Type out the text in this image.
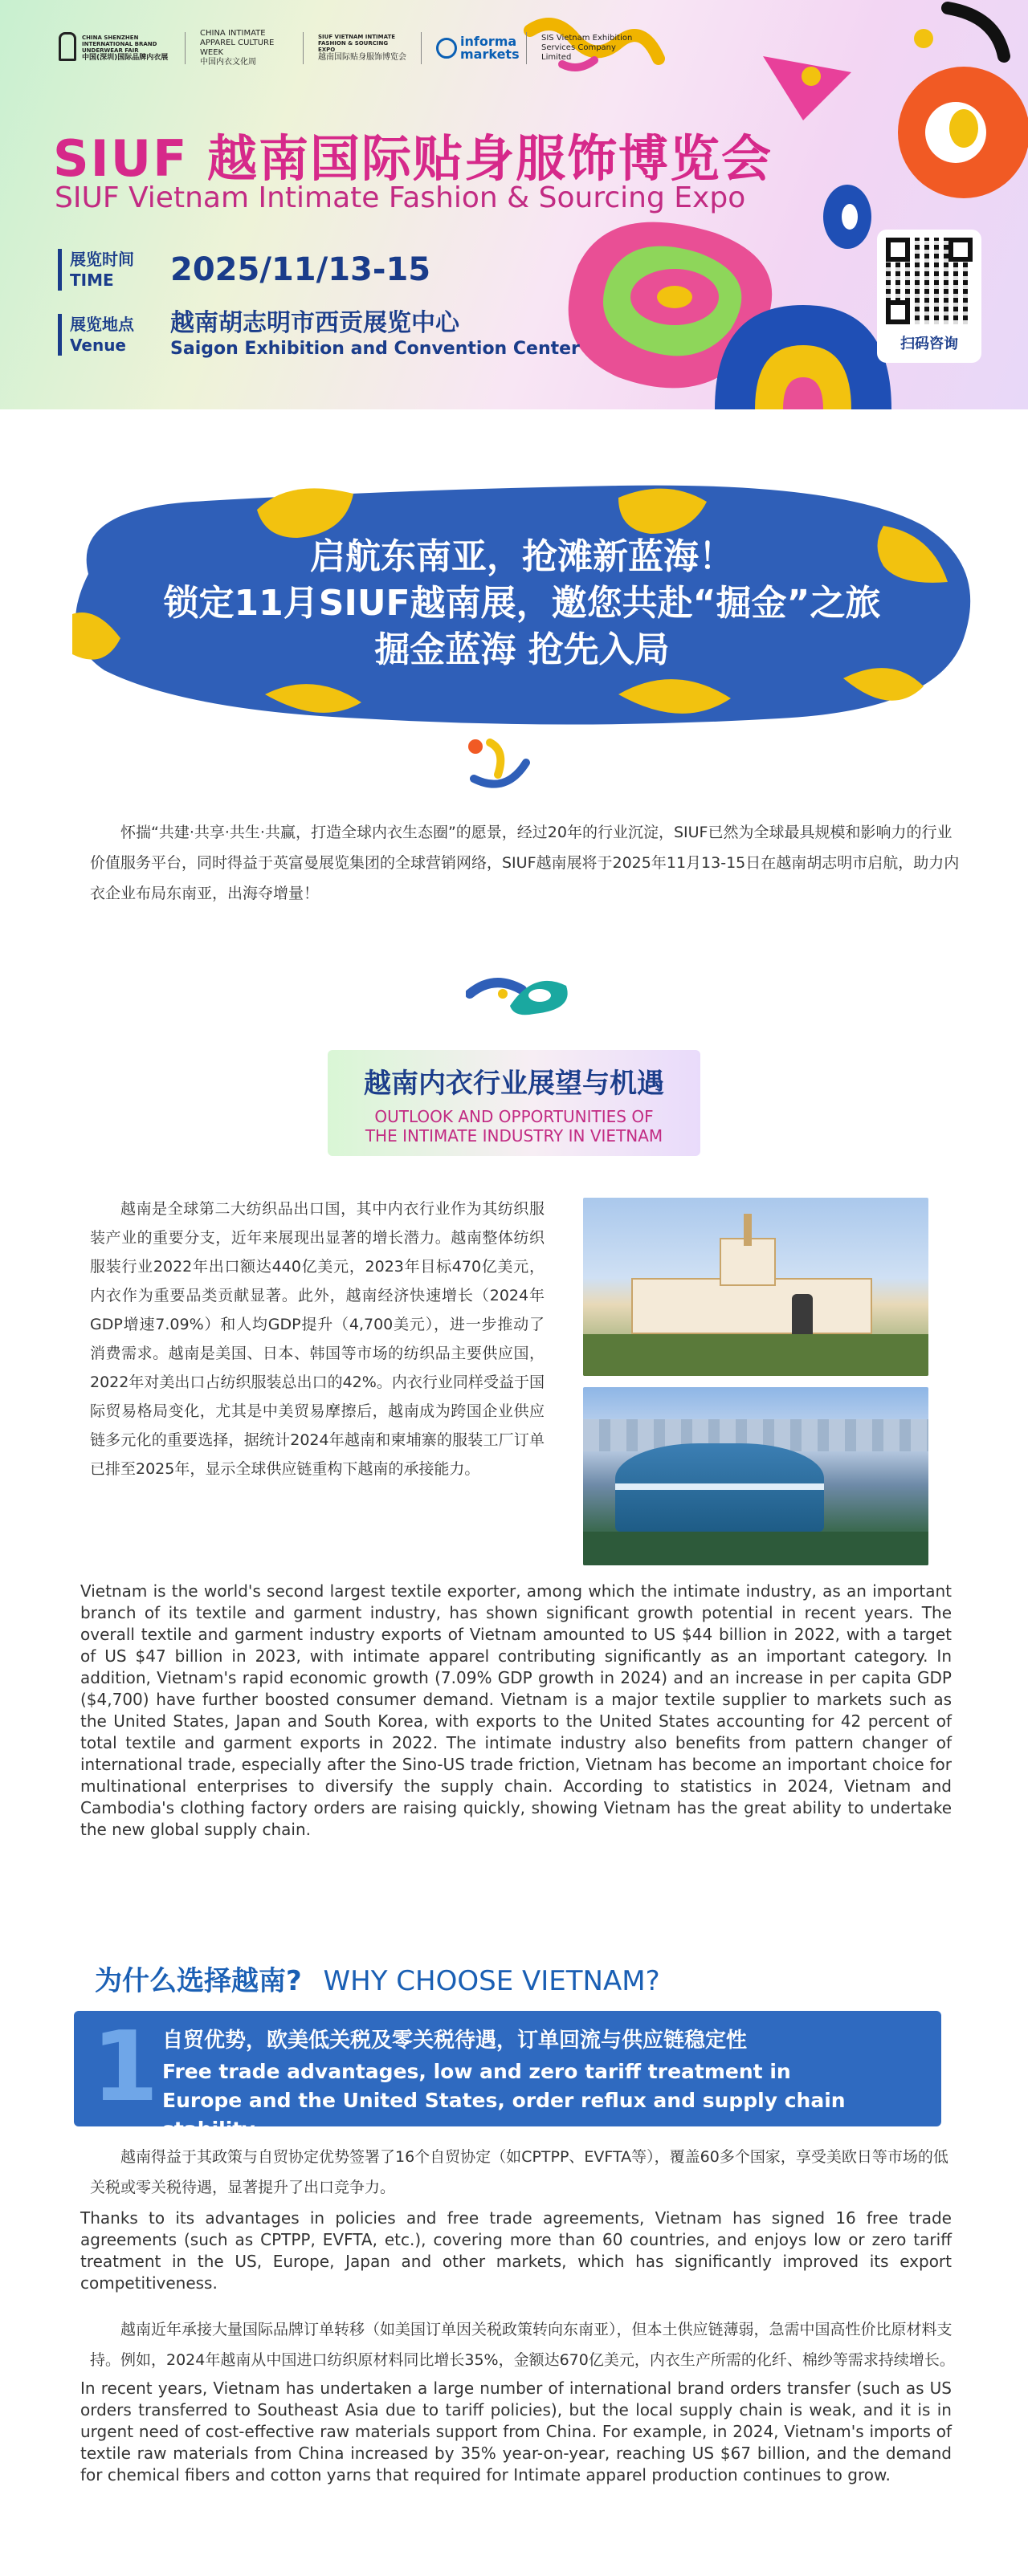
CHINA SHENZHEN INTERNATIONAL BRAND UNDERWEAR FAIR
中国(深圳)国际品牌内衣展
CHINA INTIMATE APPAREL CULTURE WEEK
中国内衣文化周
SIUF VIETNAM INTIMATE FASHION & SOURCING EXPO
越南国际贴身服饰博览会
informa markets
SIS Vietnam Exhibition Services Company Limited
SIUF 越南国际贴身服饰博览会
SIUF Vietnam Intimate Fashion & Sourcing Expo
展览时间
TIME	2025/11/13-15
展览地点
Venue
越南胡志明市西贡展览中心
Saigon Exhibition and Convention Center	扫码咨询
启航东南亚，抢滩新蓝海！
锁定11月SIUF越南展，邀您共赴“掘金”之旅
掘金蓝海 抢先入局
怀揣“共建·共享·共生·共赢，打造全球内衣生态圈”的愿景，经过20年的行业沉淀，SIUF已然为全球最具规模和影响力的行业价值服务平台，同时得益于英富曼展览集团的全球营销网络，SIUF越南展将于2025年11月13-15日在越南胡志明市启航，助力内衣企业布局东南亚，出海夺增量！
越南内衣行业展望与机遇
OUTLOOK AND OPPORTUNITIES OF
THE INTIMATE INDUSTRY IN VIETNAM
越南是全球第二大纺织品出口国，其中内衣行业作为其纺织服装产业的重要分支，近年来展现出显著的增长潜力。越南整体纺织服装行业2022年出口额达440亿美元，2023年目标470亿美元，内衣作为重要品类贡献显著。此外，越南经济快速增长（2024年GDP增速7.09%）和人均GDP提升（4,700美元），进一步推动了消费需求。越南是美国、日本、韩国等市场的纺织品主要供应国，2022年对美出口占纺织服装总出口的42%。内衣行业同样受益于国际贸易格局变化，尤其是中美贸易摩擦后，越南成为跨国企业供应链多元化的重要选择，据统计2024年越南和柬埔寨的服装工厂订单已排至2025年，显示全球供应链重构下越南的承接能力。
Vietnam is the world's second largest textile exporter, among which the intimate industry, as an important branch of its textile and garment industry, has shown significant growth potential in recent years. The overall textile and garment industry exports of Vietnam amounted to US $44 billion in 2022, with a target of US $47 billion in 2023, with intimate apparel contributing significantly as an important category. In addition, Vietnam's rapid economic growth (7.09% GDP growth in 2024) and an increase in per capita GDP ($4,700) have further boosted consumer demand. Vietnam is a major textile supplier to markets such as the United States, Japan and South Korea, with exports to the United States accounting for 42 percent of total textile and garment exports in 2022. The intimate industry also benefits from pattern changer of international trade, especially after the Sino-US trade friction, Vietnam has become an important choice for multinational enterprises to diversify the supply chain. According to statistics in 2024, Vietnam and Cambodia's clothing factory orders are raising quickly, showing Vietnam has the great ability to undertake the new global supply chain.
为什么选择越南? WHY CHOOSE VIETNAM?
1 自贸优势，欧美低关税及零关税待遇，订单回流与供应链稳定性
Free trade advantages, low and zero tariff treatment in Europe and the United States, order reflux and supply chain stability
越南得益于其政策与自贸协定优势签署了16个自贸协定（如CPTPP、EVFTA等），覆盖60多个国家，享受美欧日等市场的低关税或零关税待遇，显著提升了出口竞争力。
Thanks to its advantages in policies and free trade agreements, Vietnam has signed 16 free trade agreements (such as CPTPP, EVFTA, etc.), covering more than 60 countries, and enjoys low or zero tariff treatment in the US, Europe, Japan and other markets, which has significantly improved its export competitiveness.
越南近年承接大量国际品牌订单转移（如美国订单因关税政策转向东南亚），但本土供应链薄弱，急需中国高性价比原材料支持。例如，2024年越南从中国进口纺织原材料同比增长35%，金额达670亿美元，内衣生产所需的化纤、棉纱等需求持续增长。
In recent years, Vietnam has undertaken a large number of international brand orders transfer (such as US orders transferred to Southeast Asia due to tariff policies), but the local supply chain is weak, and it is in urgent need of cost-effective raw materials support from China. For example, in 2024, Vietnam's imports of textile raw materials from China increased by 35% year-on-year, reaching US $67 billion, and the demand for chemical fibers and cotton yarns that required for Intimate apparel production continues to grow.
